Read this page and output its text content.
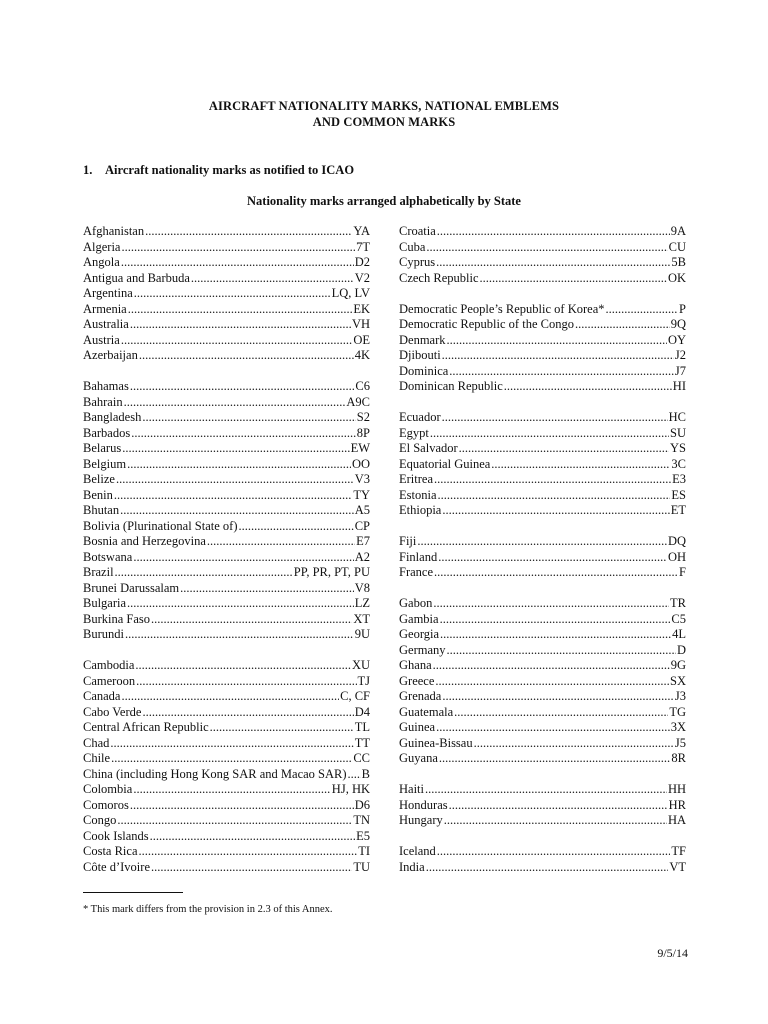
AIRCRAFT NATIONALITY MARKS, NATIONAL EMBLEMS
AND COMMON MARKS
1. Aircraft nationality marks as notified to ICAO
Nationality marks arranged alphabetically by State
Afghanistan .....	YA
Algeria .....	7T
Angola .....	D2
Antigua and Barbuda .....	V2
Argentina .....	LQ, LV
Armenia .....	EK
Australia .....	VH
Austria .....	OE
Azerbaijan .....	4K
Bahamas .....	C6
Bahrain .....	A9C
Bangladesh .....	S2
Barbados .....	8P
Belarus .....	EW
Belgium .....	OO
Belize .....	V3
Benin .....	TY
Bhutan .....	A5
Bolivia (Plurinational State of) .....	CP
Bosnia and Herzegovina .....	E7
Botswana .....	A2
Brazil .....	PP, PR, PT, PU
Brunei Darussalam .....	V8
Bulgaria .....	LZ
Burkina Faso .....	XT
Burundi .....	9U
Cambodia .....	XU
Cameroon .....	TJ
Canada .....	C, CF
Cabo Verde .....	D4
Central African Republic .....	TL
Chad .....	TT
Chile .....	CC
China (including Hong Kong SAR and Macao SAR) ..... B
Colombia .....	HJ, HK
Comoros .....	D6
Congo .....	TN
Cook Islands .....	E5
Costa Rica .....	TI
Côte d’Ivoire .....	TU
Croatia .....	9A
Cuba .....	CU
Cyprus .....	5B
Czech Republic .....	OK
Democratic People’s Republic of Korea* .....	P
Democratic Republic of the Congo .....	9Q
Denmark .....	OY
Djibouti .....	J2
Dominica .....	J7
Dominican Republic .....	HI
Ecuador .....	HC
Egypt .....	SU
El Salvador .....	YS
Equatorial Guinea .....	3C
Eritrea .....	E3
Estonia .....	ES
Ethiopia .....	ET
Fiji .....	DQ
Finland .....	OH
France .....	F
Gabon .....	TR
Gambia .....	C5
Georgia .....	4L
Germany .....	D
Ghana .....	9G
Greece .....	SX
Grenada .....	J3
Guatemala .....	TG
Guinea .....	3X
Guinea-Bissau .....	J5
Guyana .....	8R
Haiti .....	HH
Honduras .....	HR
Hungary .....	HA
Iceland .....	TF
India .....	VT
* This mark differs from the provision in 2.3 of this Annex.
9/5/14
